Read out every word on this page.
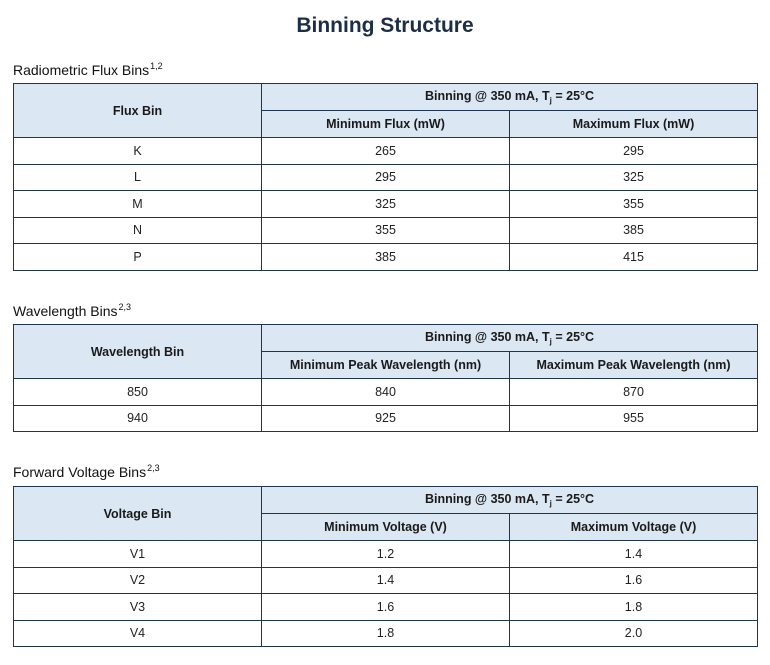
Binning Structure
Radiometric Flux Bins$^{1,2}$
Flux Bin	Binning @ 350 mA, $T_j = 25^\circ C$	
	Minimum Flux (mW)	Maximum Flux (mW)
K	265	295
L	295	325
M	325	355
N	355	385
P	385	415
Wavelength Bins$^{2,3}$
Wavelength Bin	Binning @ 350 mA, $T_j = 25^\circ C$	
	Minimum Peak Wavelength (nm)	Maximum Peak Wavelength (nm)
850	840	870
940	925	955
Forward Voltage Bins$^{2,3}$
Voltage Bin	Binning @ 350 mA, $T_j = 25^\circ C$	
	Minimum Voltage (V)	Maximum Voltage (V)
V1	1.2	1.4
V2	1.4	1.6
V3	1.6	1.8
V4	1.8	2.0
